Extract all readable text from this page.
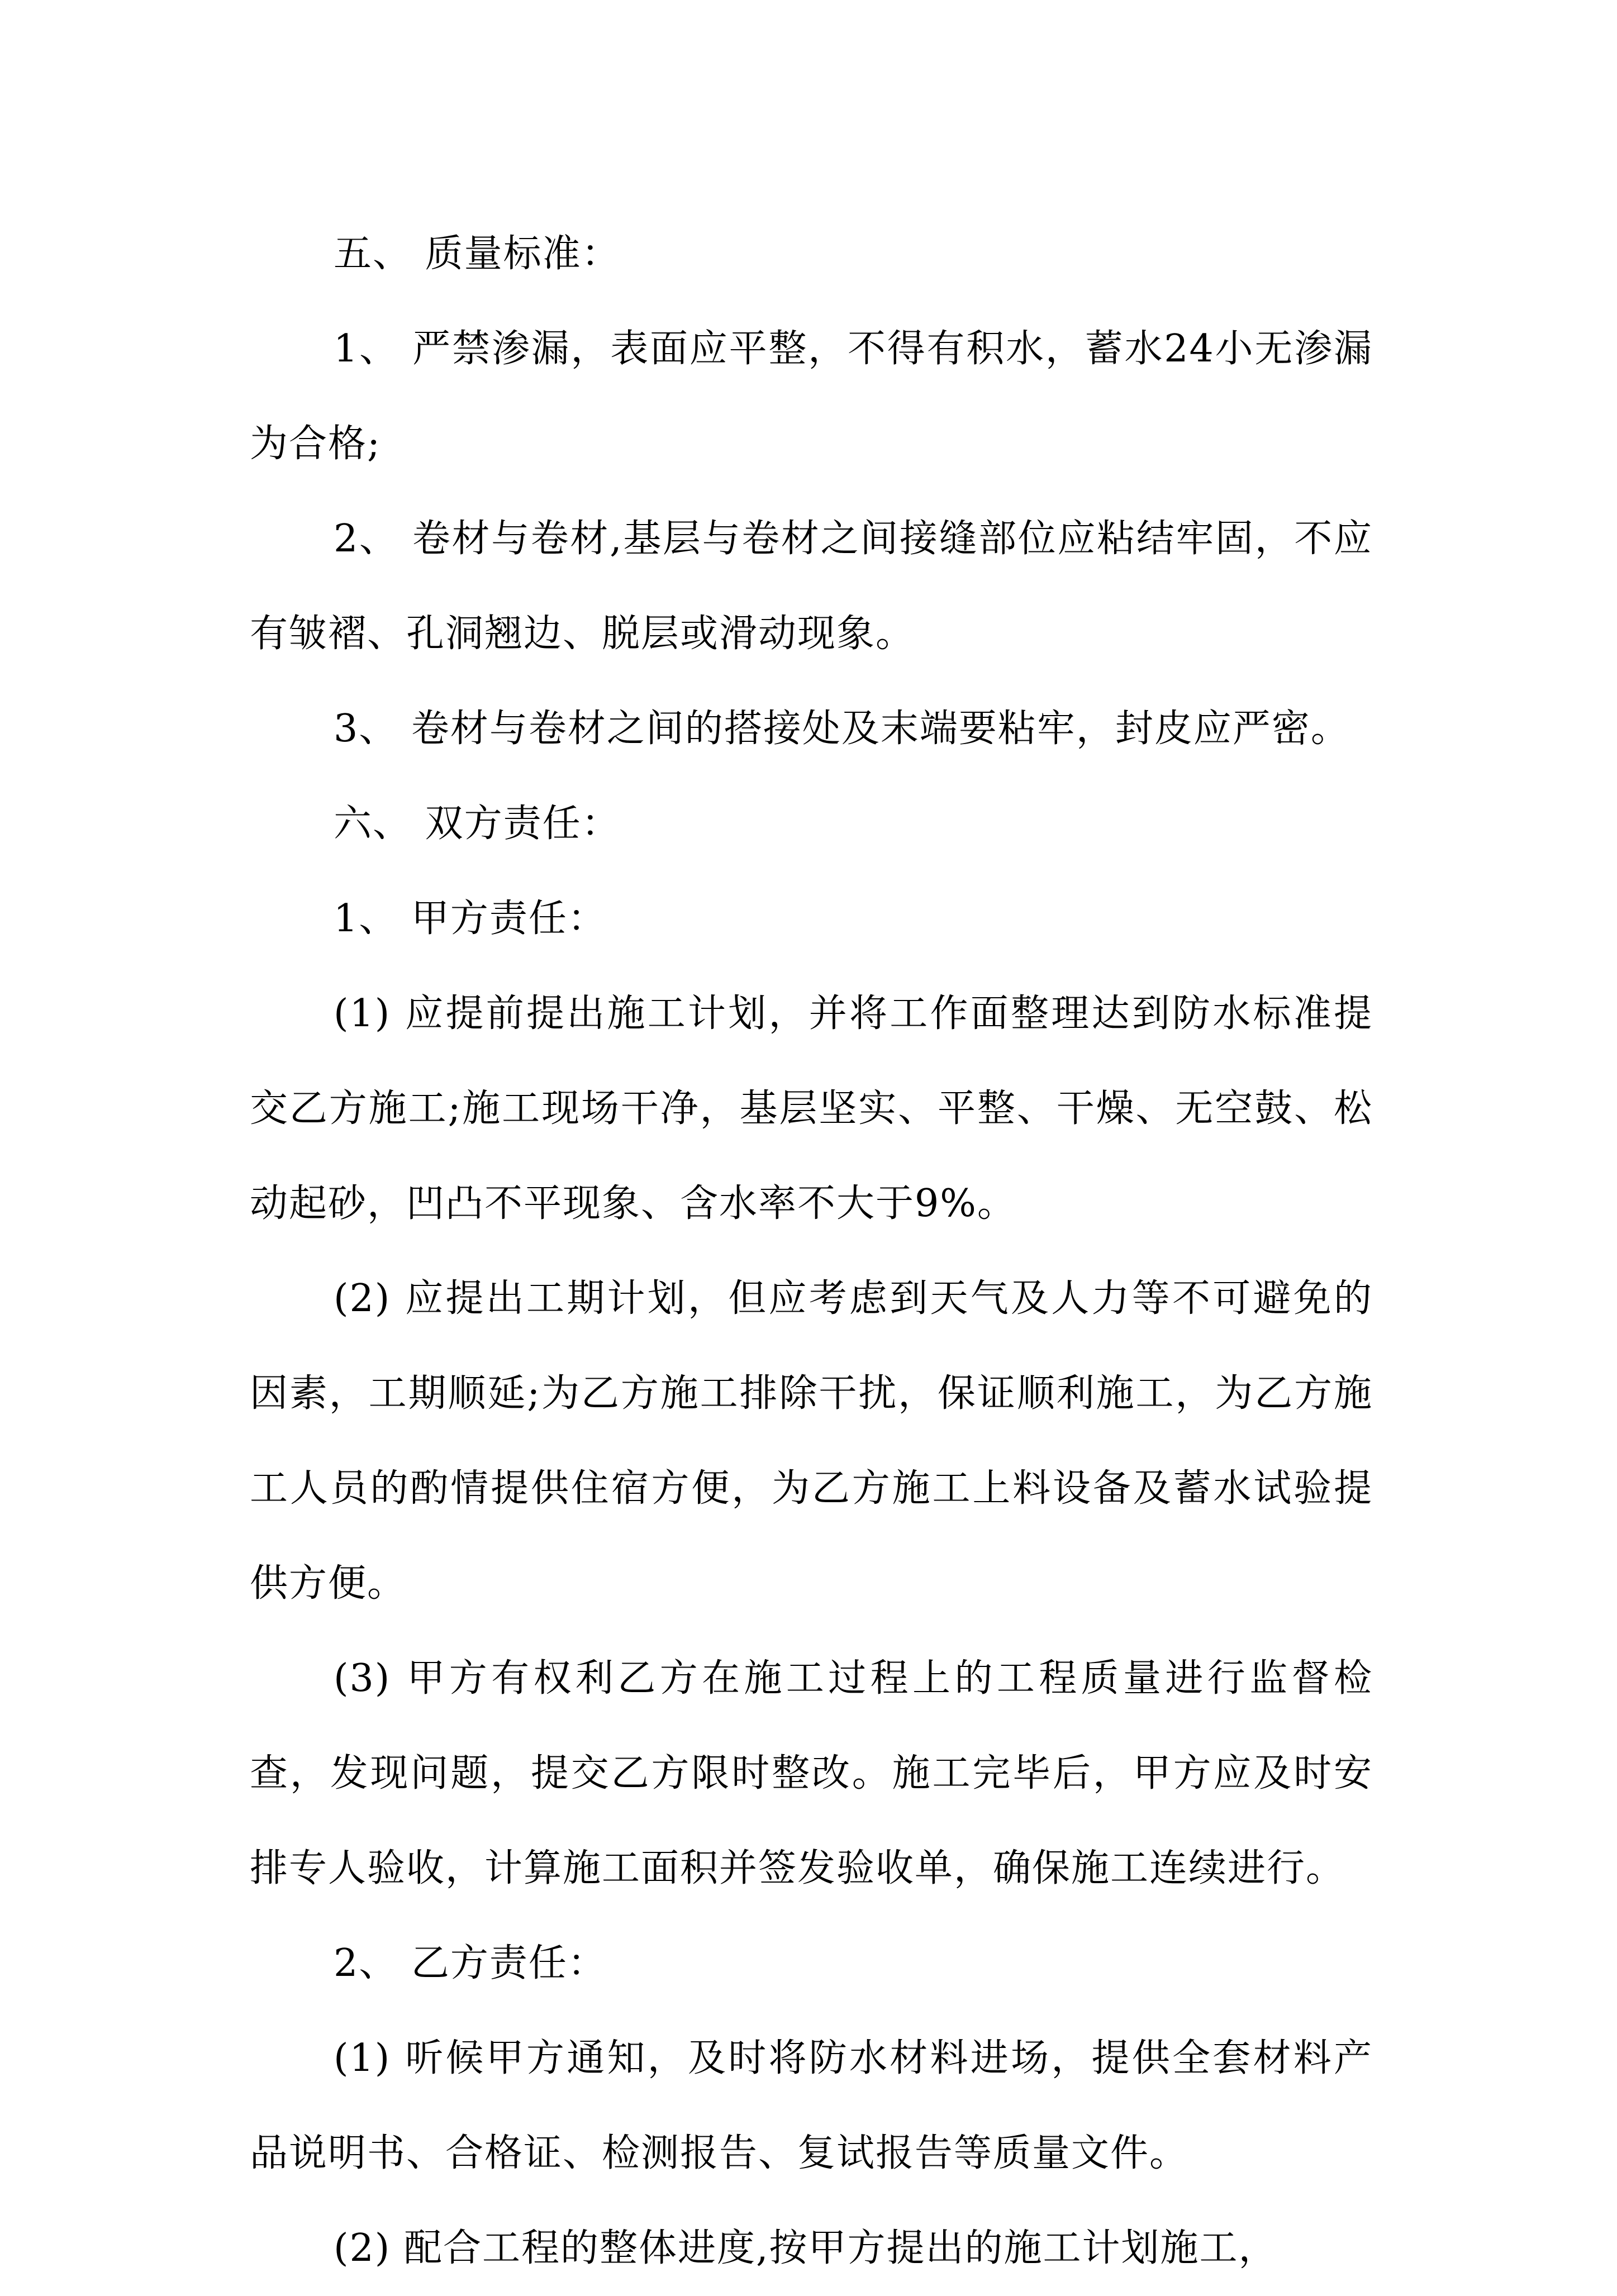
五、 质量标准：

1、 严禁渗漏，表面应平整，不得有积水，蓄水24小无渗漏为合格;

2、 卷材与卷材,基层与卷材之间接缝部位应粘结牢固，不应有皱褶、孔洞翘边、脱层或滑动现象。

3、 卷材与卷材之间的搭接处及末端要粘牢，封皮应严密。

六、 双方责任：

1、 甲方责任：

(1) 应提前提出施工计划，并将工作面整理达到防水标准提交乙方施工;施工现场干净，基层坚实、平整、干燥、无空鼓、松动起砂，凹凸不平现象、含水率不大于9%。

(2) 应提出工期计划，但应考虑到天气及人力等不可避免的因素，工期顺延;为乙方施工排除干扰，保证顺利施工，为乙方施工人员的酌情提供住宿方便，为乙方施工上料设备及蓄水试验提供方便。

(3) 甲方有权利乙方在施工过程上的工程质量进行监督检查，发现问题，提交乙方限时整改。施工完毕后，甲方应及时安排专人验收，计算施工面积并签发验收单，确保施工连续进行。

2、 乙方责任：

(1) 听候甲方通知，及时将防水材料进场，提供全套材料产品说明书、合格证、检测报告、复试报告等质量文件。

(2) 配合工程的整体进度,按甲方提出的施工计划施工，
